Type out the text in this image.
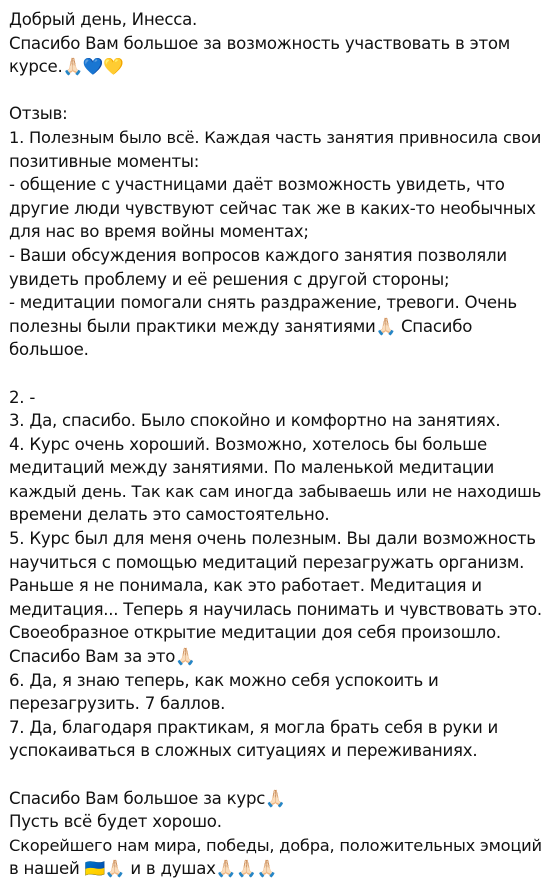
Добрый день, Инесса.
Спасибо Вам большое за возможность участвовать в этом
курсе.🙏🏻💙💛
Отзыв:
1. Полезным было всё. Каждая часть занятия привносила свои
позитивные моменты:
- общение с участницами даёт возможность увидеть, что
другие люди чувствуют сейчас так же в каких-то необычных
для нас во время войны моментах;
- Ваши обсуждения вопросов каждого занятия позволяли
увидеть проблему и её решения с другой стороны;
- медитации помогали снять раздражение, тревоги. Очень
полезны были практики между занятиями🙏🏻 Спасибо
большое.
2. -
3. Да, спасибо. Было спокойно и комфортно на занятиях.
4. Курс очень хороший. Возможно, хотелось бы больше
медитаций между занятиями. По маленькой медитации
каждый день. Так как сам иногда забываешь или не находишь
времени делать это самостоятельно.
5. Курс был для меня очень полезным. Вы дали возможность
научиться с помощью медитаций перезагружать организм.
Раньше я не понимала, как это работает. Медитация и
медитация... Теперь я научилась понимать и чувствовать это.
Своеобразное открытие медитации доя себя произошло.
Спасибо Вам за это🙏🏻
6. Да, я знаю теперь, как можно себя успокоить и
перезагрузить. 7 баллов.
7. Да, благодаря практикам, я могла брать себя в руки и
успокаиваться в сложных ситуациях и переживаниях.
Спасибо Вам большое за курс🙏🏻
Пусть всё будет хорошо.
Скорейшего нам мира, победы, добра, положительных эмоций
в нашей 🇺🇦🙏🏻 и в душах🙏🏻🙏🏻🙏🏻
